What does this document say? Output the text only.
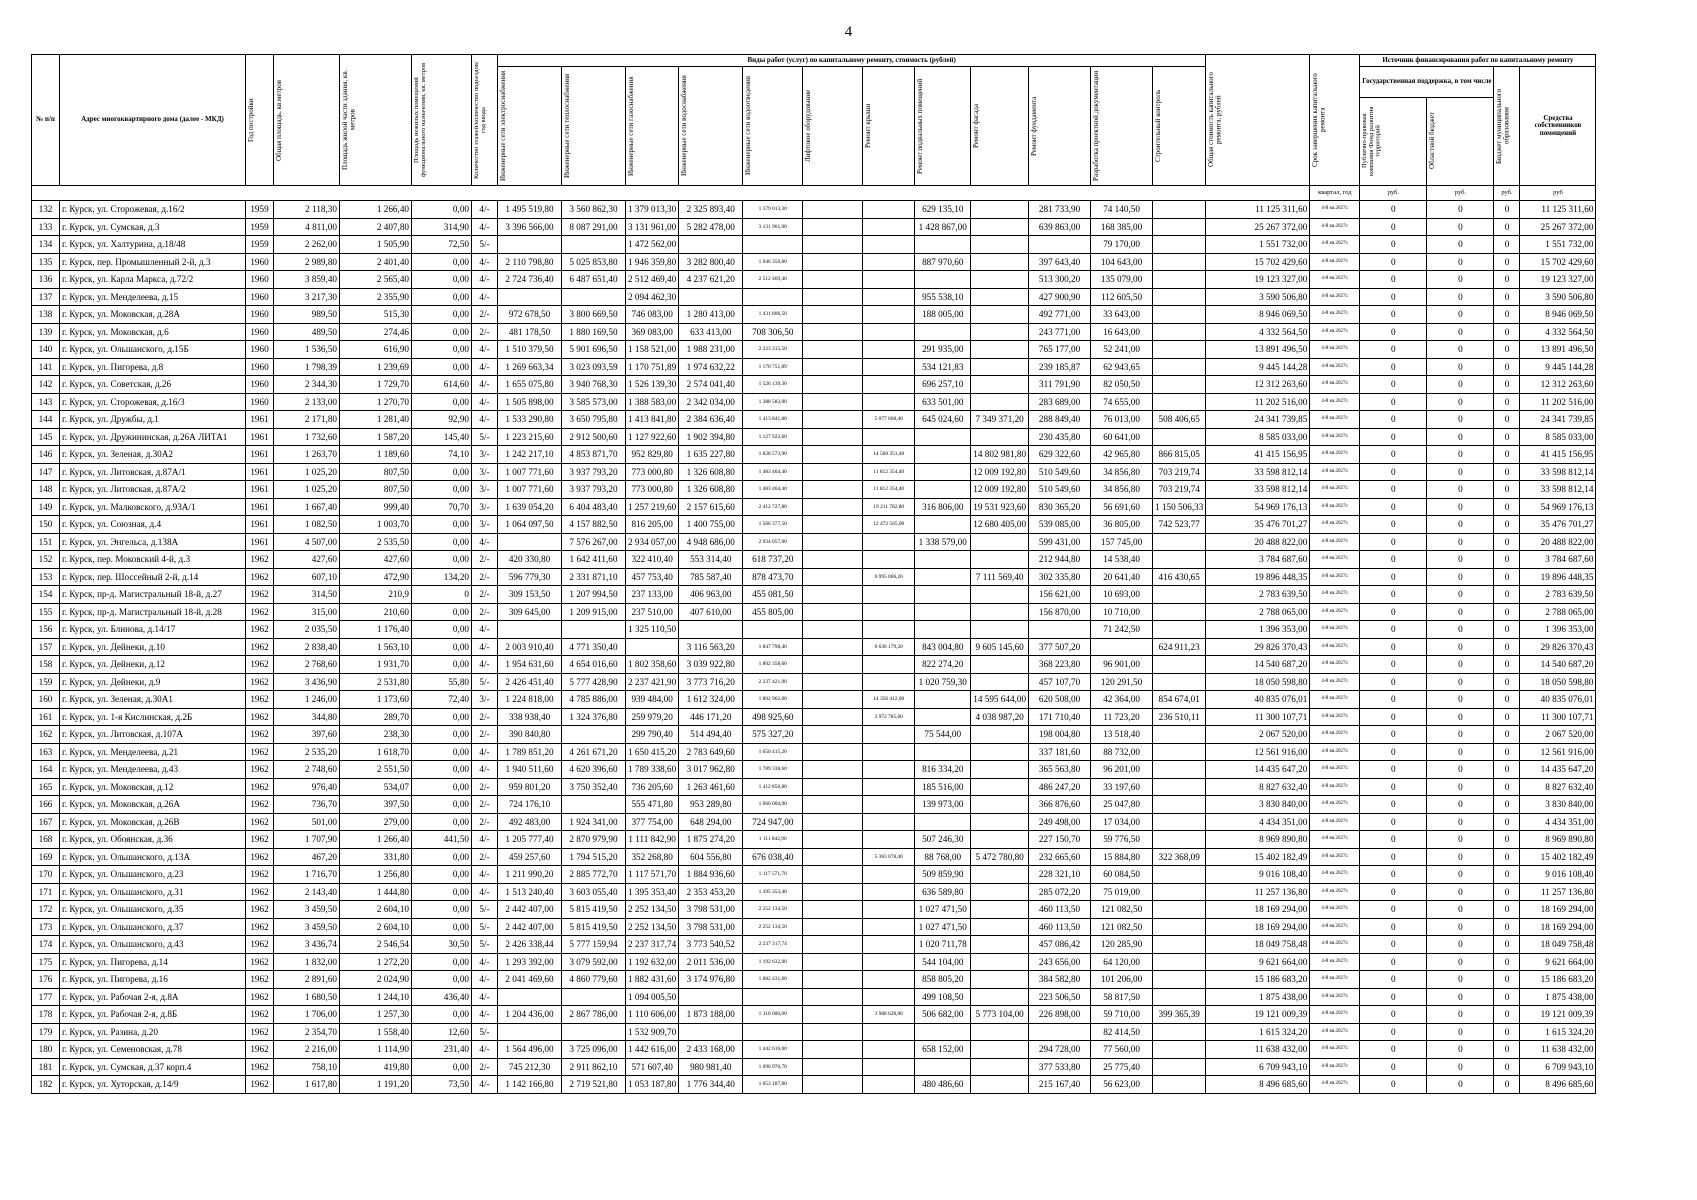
4
№ п/п	Адрес многоквартирного дома (далее - МКД)	Год постройки	Общая площадь, кв.метров	Площадь жилой части здания, кв. метров	Площадь нежилых помещений функционального назначения, кв. метров	Количество этажей/количество подъездов/год ввода	Виды работ (услуг) по капитальному ремонту, стоимость (рублей)												Общая стоимость капитального ремонта, рублей	Срок завершения капитального ремонта	Источник финансирования работ по капитальному ремонту			

							Инженерные сети электроснабжения	Инженерные сети теплоснабжения	Инженерные сети газоснабжения	Инженерные сети водоснабжения	Инженерные сети водоотведения	Лифтовое оборудование	Ремонт крыши	Ремонт подвальных помещений	Ремонт фасада	Ремонт фундамента	Разработка проектной документации	Строительный контроль			Государственная поддержка, в том числе		Бюджет муниципального образования	Средства собственников помещений

																					Публично-правовая компания Фонд развития территорий	Областной бюджет		

																				квартал, год	руб.	руб.	руб.	руб
132	г. Курск, ул. Сторожевая, д.16/2	1959	2 118,30	1 266,40	0,00	4/-	1 495 519,80	3 560 862,30	1 379 013,30	2 325 893,40	1 379 013,30			629 135,10		281 733,90	74 140,50		11 125 311,60	4-й кв.2027г.	0	0	0	11 125 311,60
133	г. Курск, ул. Сумская, д.3	1959	4 811,00	2 407,80	314,90	4/-	3 396 566,00	8 087 291,00	3 131 961,00	5 282 478,00	3 131 961,00			1 428 867,00		639 863,00	168 385,00		25 267 372,00	4-й кв.2027г.	0	0	0	25 267 372,00
134	г. Курск, ул. Халтурина, д.18/48	1959	2 262,00	1 505,90	72,50	5/-			1 472 562,00								79 170,00		1 551 732,00	4-й кв.2027г.	0	0	0	1 551 732,00
135	г. Курск, пер. Промышленный 2-й, д.3	1960	2 989,80	2 401,40	0,00	4/-	2 110 798,80	5 025 853,80	1 946 359,80	3 282 800,40	1 946 359,80			887 970,60		397 643,40	104 643,00		15 702 429,60	4-й кв.2027г.	0	0	0	15 702 429,60
136	г. Курск, ул. Карла Маркса, д.72/2	1960	3 859,40	2 565,40	0,00	4/-	2 724 736,40	6 487 651,40	2 512 469,40	4 237 621,20	2 512 469,40					513 300,20	135 079,00		19 123 327,00	4-й кв.2027г.	0	0	0	19 123 327,00
137	г. Курск, ул. Менделеева, д.15	1960	3 217,30	2 355,90	0,00	4/-			2 094 462,30					955 538,10		427 900,90	112 605,50		3 590 506,80	4-й кв.2027г.	0	0	0	3 590 506,80
138	г. Курск, ул. Моковская, д.28А	1960	989,50	515,30	0,00	2/-	972 678,50	3 800 669,50	746 083,00	1 280 413,00	1 431 806,50			188 005,00		492 771,00	33 643,00		8 946 069,50	4-й кв.2027г.	0	0	0	8 946 069,50
139	г. Курск, ул. Моковская, д.6	1960	489,50	274,46	0,00	2/-	481 178,50	1 880 169,50	369 083,00	633 413,00	708 306,50					243 771,00	16 643,00		4 332 564,50	4-й кв.2027г.	0	0	0	4 332 564,50
140	г. Курск, ул. Ольшанского, д.15Б	1960	1 536,50	616,90	0,00	4/-	1 510 379,50	5 901 696,50	1 158 521,00	1 988 231,00	2 223 315,50			291 935,00		765 177,00	52 241,00		13 891 496,50	4-й кв.2027г.	0	0	0	13 891 496,50
141	г. Курск, ул. Пигорева, д.8	1960	1 798,39	1 239,69	0,00	4/-	1 269 663,34	3 023 093,59	1 170 751,89	1 974 632,22	1 170 751,89			534 121,83		239 185,87	62 943,65		9 445 144,28	4-й кв.2027г.	0	0	0	9 445 144,28
142	г. Курск, ул. Советская, д.26	1960	2 344,30	1 729,70	614,60	4/-	1 655 075,80	3 940 768,30	1 526 139,30	2 574 041,40	1 526 139,30			696 257,10		311 791,90	82 050,50		12 312 263,60	4-й кв.2027г.	0	0	0	12 312 263,60
143	г. Курск, ул. Сторожевая, д.16/3	1960	2 133,00	1 270,70	0,00	4/-	1 505 898,00	3 585 573,00	1 388 583,00	2 342 034,00	1 388 583,00			633 501,00		283 689,00	74 655,00		11 202 516,00	4-й кв.2027г.	0	0	0	11 202 516,00
144	г. Курск, ул. Дружбы, д.1	1961	2 171,80	1 281,40	92,90	4/-	1 533 290,80	3 650 795,80	1 413 841,80	2 384 636,40	1 413 841,80		5 077 668,40	645 024,60	7 349 371,20	288 849,40	76 013,00	508 406,65	24 341 739,85	4-й кв.2027г.	0	0	0	24 341 739,85
145	г. Курск, ул. Дружининская, д.26А ЛИТА1	1961	1 732,60	1 587,20	145,40	5/-	1 223 215,60	2 912 500,60	1 127 922,60	1 902 394,80	1 127 922,60					230 435,80	60 641,00		8 585 033,00	4-й кв.2027г.	0	0	0	8 585 033,00
146	г. Курск, ул. Зеленая, д.30А2	1961	1 263,70	1 189,60	74,10	3/-	1 242 217,10	4 853 871,70	952 829,80	1 635 227,80	1 828 573,90		14 560 351,40		14 802 981,80	629 322,60	42 965,80	866 815,05	41 415 156,95	4-й кв.2027г.	0	0	0	41 415 156,95
147	г. Курск, ул. Литовская, д.87А/1	1961	1 025,20	807,50	0,00	3/-	1 007 771,60	3 937 793,20	773 000,80	1 326 608,80	1 483 464,40		11 812 354,40		12 009 192,80	510 549,60	34 856,80	703 219,74	33 598 812,14	4-й кв.2027г.	0	0	0	33 598 812,14
148	г. Курск, ул. Литовская, д.87А/2	1961	1 025,20	807,50	0,00	3/-	1 007 771,60	3 937 793,20	773 000,80	1 326 608,80	1 483 464,40		11 812 354,40		12 009 192,80	510 549,60	34 856,80	703 219,74	33 598 812,14	4-й кв.2027г.	0	0	0	33 598 812,14
149	г. Курск, ул. Малковского, д.93А/1	1961	1 667,40	999,40	70,70	3/-	1 639 054,20	6 404 483,40	1 257 219,60	2 157 615,60	2 412 727,80		19 211 782,80	316 806,00	19 531 923,60	830 365,20	56 691,60	1 150 506,33	54 969 176,13	4-й кв.2027г.	0	0	0	54 969 176,13
150	г. Курск, ул. Союзная, д.4	1961	1 082,50	1 003,70	0,00	3/-	1 064 097,50	4 157 882,50	816 205,00	1 400 755,00	1 566 377,50		12 472 565,00		12 680 405,00	539 085,00	36 805,00	742 523,77	35 476 701,27	4-й кв.2027г.	0	0	0	35 476 701,27
151	г. Курск, ул. Энгельса, д.138А	1961	4 507,00	2 535,50	0,00	4/-		7 576 267,00	2 934 057,00	4 948 686,00	2 934 057,00			1 338 579,00		599 431,00	157 745,00		20 488 822,00	4-й кв.2027г.	0	0	0	20 488 822,00
152	г. Курск, пер. Моковский 4-й, д.3	1962	427,60	427,60	0,00	2/-	420 330,80	1 642 411,60	322 410,40	553 314,40	618 737,20					212 944,80	14 538,40		3 784 687,60	4-й кв.2027г.	0	0	0	3 784 687,60
153	г. Курск, пер. Шоссейный 2-й, д.14	1962	607,10	472,90	134,20	2/-	596 779,30	2 331 871,10	457 753,40	785 587,40	878 473,70		6 995 006,20		7 111 569,40	302 335,80	20 641,40	416 430,65	19 896 448,35	4-й кв.2027г.	0	0	0	19 896 448,35
154	г. Курск, пр-д. Магистральный 18-й, д.27	1962	314,50	210,9	0	2/-	309 153,50	1 207 994,50	237 133,00	406 963,00	455 081,50					156 621,00	10 693,00		2 783 639,50	4-й кв.2027г.	0	0	0	2 783 639,50
155	г. Курск, пр-д. Магистральный 18-й, д.28	1962	315,00	210,60	0,00	2/-	309 645,00	1 209 915,00	237 510,00	407 610,00	455 805,00					156 870,00	10 710,00		2 788 065,00	4-й кв.2027г.	0	0	0	2 788 065,00
156	г. Курск, ул. Блинова, д.14/17	1962	2 035,50	1 176,40	0,00	4/-			1 325 110,50								71 242,50		1 396 353,00	4-й кв.2027г.	0	0	0	1 396 353,00
157	г. Курск, ул. Дейнеки, д.10	1962	2 838,40	1 563,10	0,00	4/-	2 003 910,40	4 771 350,40		3 116 563,20	1 847 798,40		6 636 179,20	843 004,80	9 605 145,60	377 507,20		624 911,23	29 826 370,43	4-й кв.2027г.	0	0	0	29 826 370,43
158	г. Курск, ул. Дейнеки, д.12	1962	2 768,60	1 931,70	0,00	4/-	1 954 631,60	4 654 016,60	1 802 358,60	3 039 922,80	1 802 358,60			822 274,20		368 223,80	96 901,00		14 540 687,20	4-й кв.2027г.	0	0	0	14 540 687,20
159	г. Курск, ул. Дейнеки, д.9	1962	3 436,90	2 531,80	55,80	5/-	2 426 451,40	5 777 428,90	2 237 421,90	3 773 716,20	2 237 421,90			1 020 759,30		457 107,70	120 291,50		18 050 598,80	4-й кв.2027г.	0	0	0	18 050 598,80
160	г. Курск, ул. Зеленая, д.30А1	1962	1 246,00	1 173,60	72,40	3/-	1 224 818,00	4 785 886,00	939 484,00	1 612 324,00	1 802 962,00		14 356 412,00		14 595 644,00	620 508,00	42 364,00	854 674,01	40 835 076,01	4-й кв.2027г.	0	0	0	40 835 076,01
161	г. Курск, ул. 1-я Кислинская, д.2Б	1962	344,80	289,70	0,00	2/-	338 938,40	1 324 376,80	259 979,20	446 171,20	498 925,60		3 972 785,60		4 038 987,20	171 710,40	11 723,20	236 510,11	11 300 107,71	4-й кв.2027г.	0	0	0	11 300 107,71
162	г. Курск, ул. Литовская, д.107А	1962	397,60	238,30	0,00	2/-	390 840,80		299 790,40	514 494,40	575 327,20			75 544,00		198 004,80	13 518,40		2 067 520,00	4-й кв.2027г.	0	0	0	2 067 520,00
163	г. Курск, ул. Менделеева, д.21	1962	2 535,20	1 618,70	0,00	4/-	1 789 851,20	4 261 671,20	1 650 415,20	2 783 649,60	1 650 415,20					337 181,60	88 732,00		12 561 916,00	4-й кв.2027г.	0	0	0	12 561 916,00
164	г. Курск, ул. Менделеева, д.43	1962	2 748,60	2 551,50	0,00	4/-	1 940 511,60	4 620 396,60	1 789 338,60	3 017 962,80	1 789 338,60			816 334,20		365 563,80	96 201,00		14 435 647,20	4-й кв.2027г.	0	0	0	14 435 647,20
165	г. Курск, ул. Моковская, д.12	1962	976,40	534,07	0,00	2/-	959 801,20	3 750 352,40	736 205,60	1 263 461,60	1 412 850,80			185 516,00		486 247,20	33 197,60		8 827 632,40	4-й кв.2027г.	0	0	0	8 827 632,40
166	г. Курск, ул. Моковская, д.26А	1962	736,70	397,50	0,00	2/-	724 176,10		555 471,80	953 289,80	1 066 004,90			139 973,00		366 876,60	25 047,80		3 830 840,00	4-й кв.2027г.	0	0	0	3 830 840,00
167	г. Курск, ул. Моковская, д.26В	1962	501,00	279,00	0,00	2/-	492 483,00	1 924 341,00	377 754,00	648 294,00	724 947,00					249 498,00	17 034,00		4 434 351,00	4-й кв.2027г.	0	0	0	4 434 351,00
168	г. Курск, ул. Обоянская, д.36	1962	1 707,90	1 266,40	441,50	4/-	1 205 777,40	2 870 979,90	1 111 842,90	1 875 274,20	1 111 842,90			507 246,30		227 150,70	59 776,50		8 969 890,80	4-й кв.2027г.	0	0	0	8 969 890,80
169	г. Курск, ул. Ольшанского, д.13А	1962	467,20	331,80	0,00	2/-	459 257,60	1 794 515,20	352 268,80	604 556,80	676 038,40		5 383 078,40	88 768,00	5 472 780,80	232 665,60	15 884,80	322 368,09	15 402 182,49	4-й кв.2027г.	0	0	0	15 402 182,49
170	г. Курск, ул. Ольшанского, д.23	1962	1 716,70	1 256,80	0,00	4/-	1 211 990,20	2 885 772,70	1 117 571,70	1 884 936,60	1 117 571,70			509 859,90		228 321,10	60 084,50		9 016 108,40	4-й кв.2027г.	0	0	0	9 016 108,40
171	г. Курск, ул. Ольшанского, д.31	1962	2 143,40	1 444,80	0,00	4/-	1 513 240,40	3 603 055,40	1 395 353,40	2 353 453,20	1 395 353,40			636 589,80		285 072,20	75 019,00		11 257 136,80	4-й кв.2027г.	0	0	0	11 257 136,80
172	г. Курск, ул. Ольшанского, д.35	1962	3 459,50	2 604,10	0,00	5/-	2 442 407,00	5 815 419,50	2 252 134,50	3 798 531,00	2 252 134,50			1 027 471,50		460 113,50	121 082,50		18 169 294,00	4-й кв.2027г.	0	0	0	18 169 294,00
173	г. Курск, ул. Ольшанского, д.37	1962	3 459,50	2 604,10	0,00	5/-	2 442 407,00	5 815 419,50	2 252 134,50	3 798 531,00	2 252 134,50			1 027 471,50		460 113,50	121 082,50		18 169 294,00	4-й кв.2027г.	0	0	0	18 169 294,00
174	г. Курск, ул. Ольшанского, д.43	1962	3 436,74	2 546,54	30,50	5/-	2 426 338,44	5 777 159,94	2 237 317,74	3 773 540,52	2 237 317,74			1 020 711,78		457 086,42	120 285,90		18 049 758,48	4-й кв.2027г.	0	0	0	18 049 758,48
175	г. Курск, ул. Пигорева, д.14	1962	1 832,00	1 272,20	0,00	4/-	1 293 392,00	3 079 592,00	1 192 632,00	2 011 536,00	1 192 632,00			544 104,00		243 656,00	64 120,00		9 621 664,00	4-й кв.2027г.	0	0	0	9 621 664,00
176	г. Курск, ул. Пигорева, д.16	1962	2 891,60	2 024,90	0,00	4/-	2 041 469,60	4 860 779,60	1 882 431,60	3 174 976,80	1 882 431,60			858 805,20		384 582,80	101 206,00		15 186 683,20	4-й кв.2027г.	0	0	0	15 186 683,20
177	г. Курск, ул. Рабочая 2-я, д.8А	1962	1 680,50	1 244,10	436,40	4/-			1 094 005,50					499 108,50		223 506,50	58 817,50		1 875 438,00	4-й кв.2027г.	0	0	0	1 875 438,00
178	г. Курск, ул. Рабочая 2-я, д.8Б	1962	1 706,00	1 257,30	0,00	4/-	1 204 436,00	2 867 786,00	1 110 606,00	1 873 188,00	1 110 606,00		3 988 628,00	506 682,00	5 773 104,00	226 898,00	59 710,00	399 365,39	19 121 009,39	4-й кв.2027г.	0	0	0	19 121 009,39
179	г. Курск, ул. Разина, д.20	1962	2 354,70	1 558,40	12,60	5/-			1 532 909,70								82 414,50		1 615 324,20	4-й кв.2027г.	0	0	0	1 615 324,20
180	г. Курск, ул. Семеновская, д.78	1962	2 216,00	1 114,90	231,40	4/-	1 564 496,00	3 725 096,00	1 442 616,00	2 433 168,00	1 442 616,00			658 152,00		294 728,00	77 560,00		11 638 432,00	4-й кв.2027г.	0	0	0	11 638 432,00
181	г. Курск, ул. Сумская, д.37 корп.4	1962	758,10	419,80	0,00	2/-	745 212,30	2 911 862,10	571 607,40	980 981,40	1 096 970,70					377 533,80	25 775,40		6 709 943,10	4-й кв.2027г.	0	0	0	6 709 943,10
182	г. Курск, ул. Хуторская, д.14/9	1962	1 617,80	1 191,20	73,50	4/-	1 142 166,80	2 719 521,80	1 053 187,80	1 776 344,40	1 053 187,80			480 486,60		215 167,40	56 623,00		8 496 685,60	4-й кв.2027г.	0	0	0	8 496 685,60
